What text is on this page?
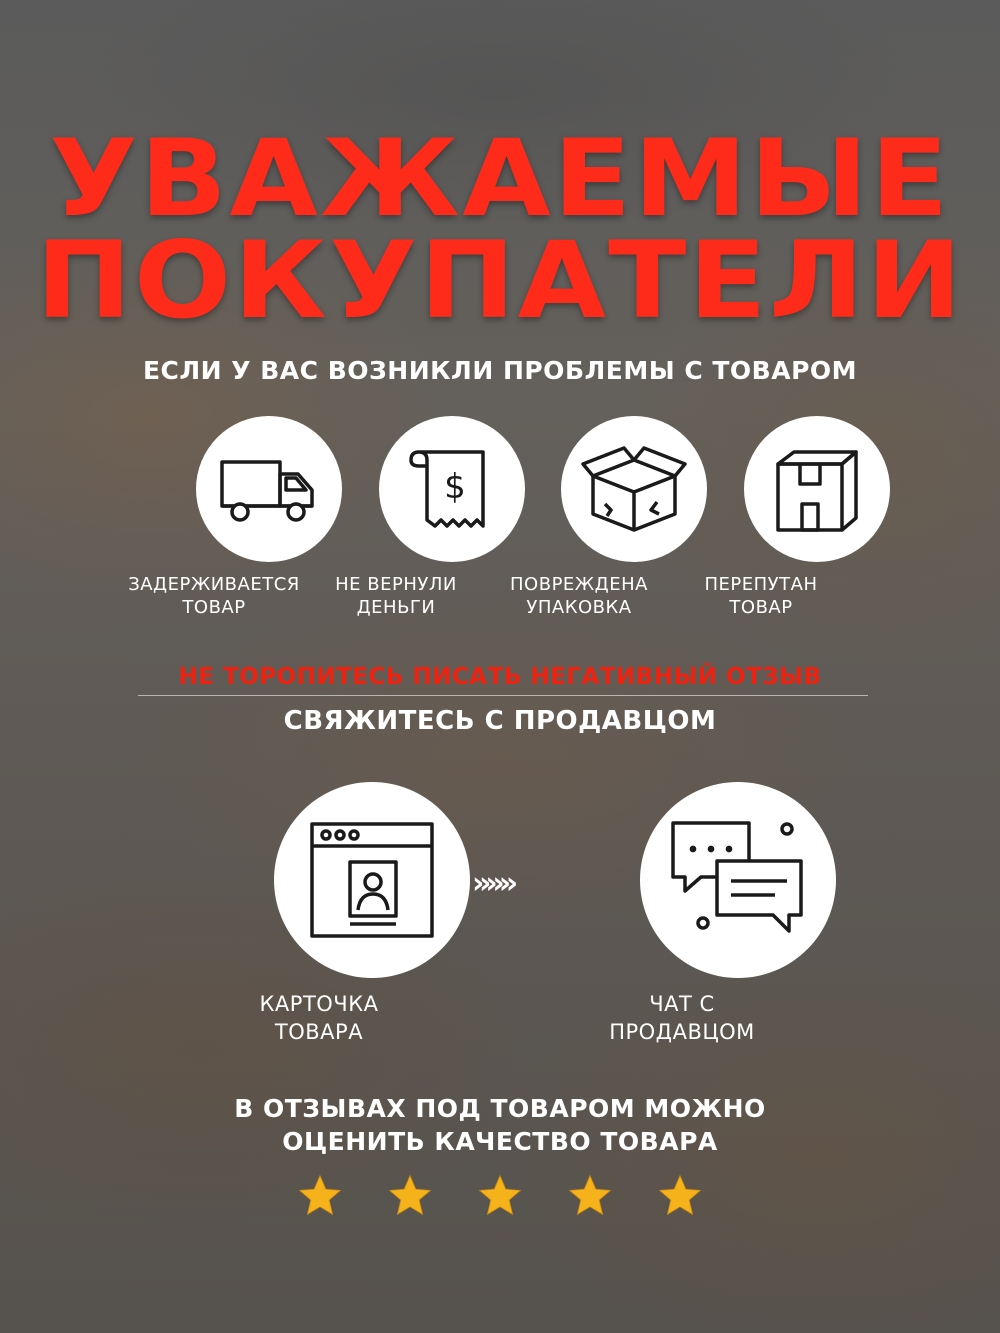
УВАЖАЕМЫЕ
ПОКУПАТЕЛИ
ЕСЛИ У ВАС ВОЗНИКЛИ ПРОБЛЕМЫ С ТОВАРОМ
$
ЗАДЕРЖИВАЕТСЯ
ТОВАР
НЕ ВЕРНУЛИ
ДЕНЬГИ
ПОВРЕЖДЕНА
УПАКОВКА
ПЕРЕПУТАН
ТОВАР
НЕ ТОРОПИТЕСЬ ПИСАТЬ НЕГАТИВНЫЙ ОТЗЫВ
СВЯЖИТЕСЬ С ПРОДАВЦОМ
»»»
КАРТОЧКА
ТОВАРА
ЧАТ С
ПРОДАВЦОМ
В ОТЗЫВАХ ПОД ТОВАРОМ МОЖНО
ОЦЕНИТЬ КАЧЕСТВО ТОВАРА
